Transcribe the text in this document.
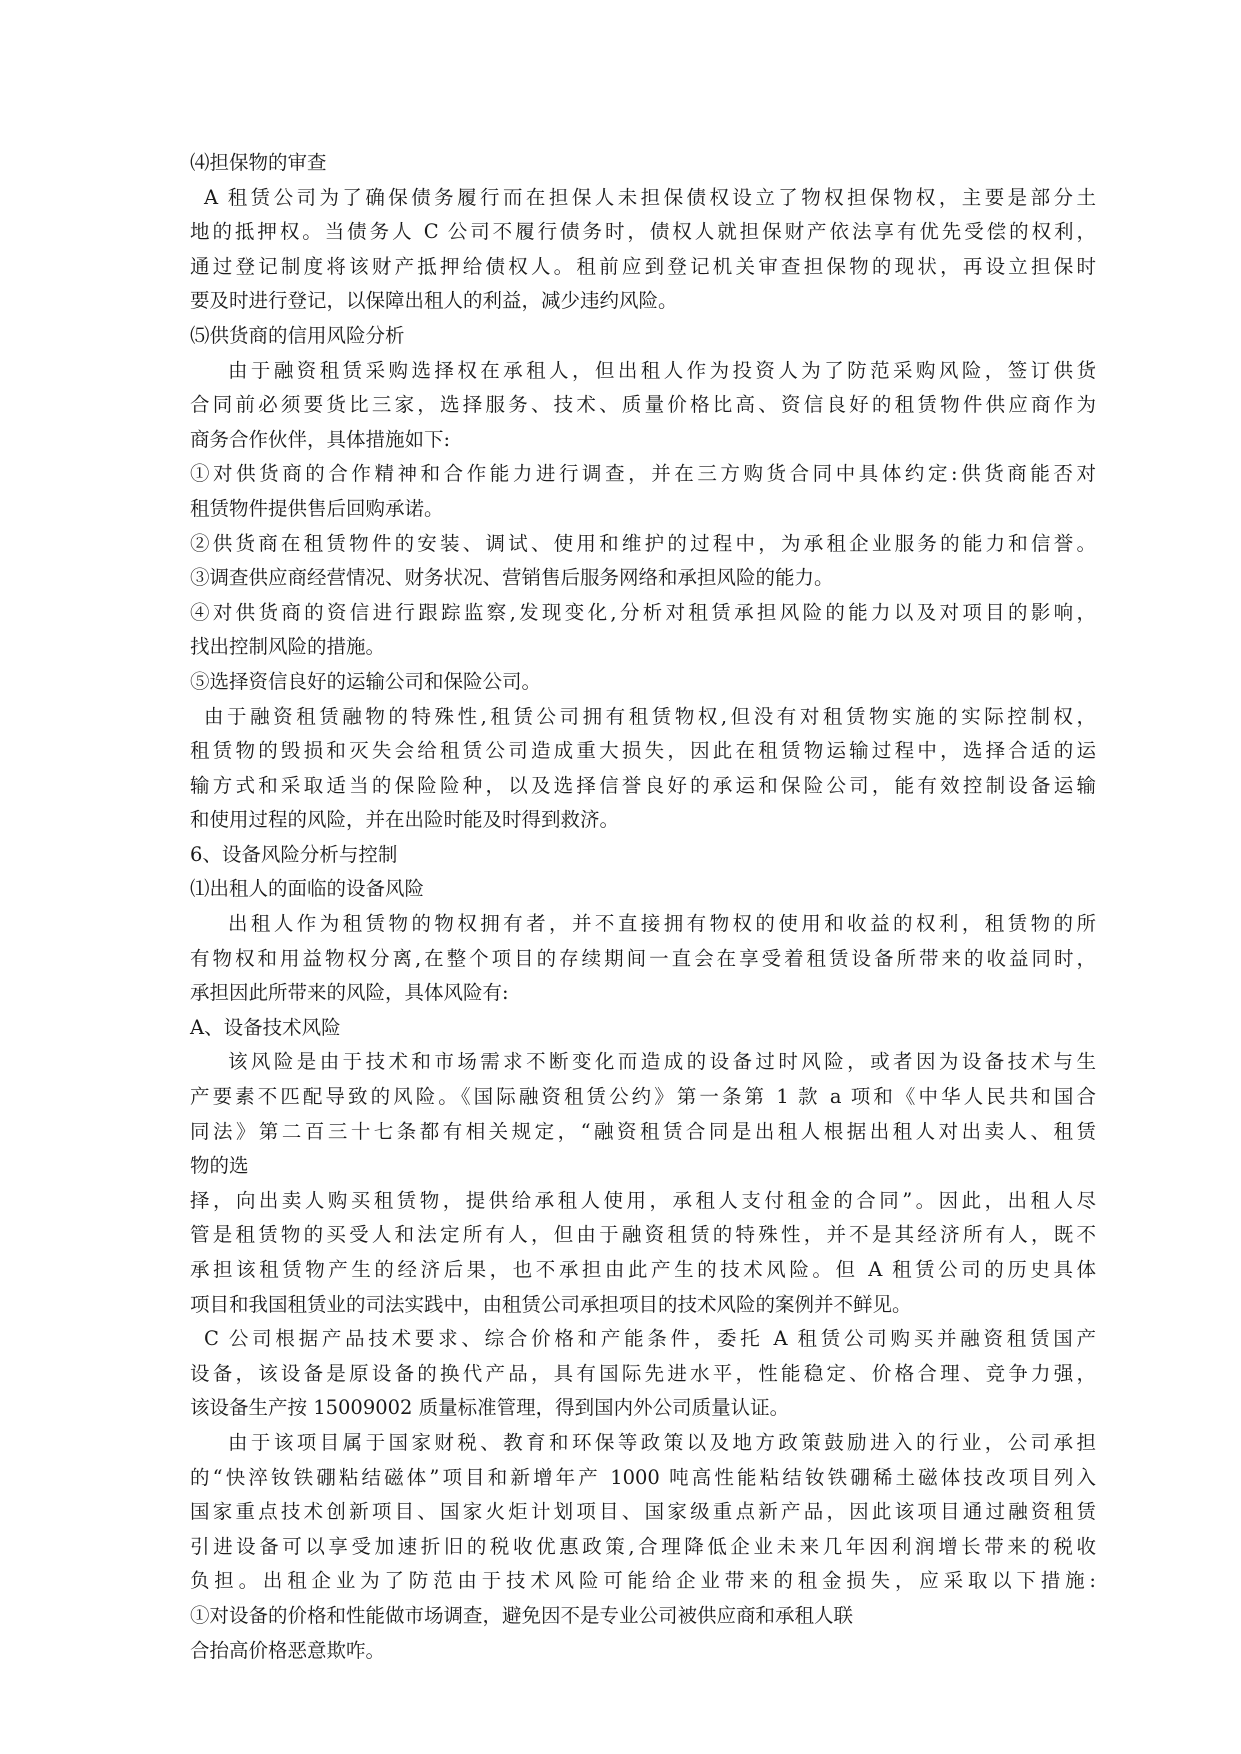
⑷担保物的审查
A 租赁公司为了确保债务履行而在担保人未担保债权设立了物权担保物权，主要是部分土
地的抵押权。当债务人 C 公司不履行债务时，债权人就担保财产依法享有优先受偿的权利，
通过登记制度将该财产抵押给债权人。租前应到登记机关审查担保物的现状，再设立担保时
要及时进行登记，以保障出租人的利益，减少违约风险。
⑸供货商的信用风险分析
由于融资租赁采购选择权在承租人，但出租人作为投资人为了防范采购风险，签订供货
合同前必须要货比三家，选择服务、技术、质量价格比高、资信良好的租赁物件供应商作为
商务合作伙伴，具体措施如下:
①对供货商的合作精神和合作能力进行调查，并在三方购货合同中具体约定:供货商能否对
租赁物件提供售后回购承诺。
②供货商在租赁物件的安装、调试、使用和维护的过程中，为承租企业服务的能力和信誉。
③调查供应商经营情况、财务状况、营销售后服务网络和承担风险的能力。
④对供货商的资信进行跟踪监察,发现变化,分析对租赁承担风险的能力以及对项目的影响，
找出控制风险的措施。
⑤选择资信良好的运输公司和保险公司。
由于融资租赁融物的特殊性,租赁公司拥有租赁物权,但没有对租赁物实施的实际控制权，
租赁物的毁损和灭失会给租赁公司造成重大损失，因此在租赁物运输过程中，选择合适的运
输方式和采取适当的保险险种，以及选择信誉良好的承运和保险公司，能有效控制设备运输
和使用过程的风险，并在出险时能及时得到救济。
6、设备风险分析与控制
⑴出租人的面临的设备风险
出租人作为租赁物的物权拥有者，并不直接拥有物权的使用和收益的权利，租赁物的所
有物权和用益物权分离,在整个项目的存续期间一直会在享受着租赁设备所带来的收益同时，
承担因此所带来的风险，具体风险有:
A、设备技术风险
该风险是由于技术和市场需求不断变化而造成的设备过时风险，或者因为设备技术与生
产要素不匹配导致的风险。《国际融资租赁公约》第一条第 1 款 a 项和《中华人民共和国合
同法》第二百三十七条都有相关规定，“融资租赁合同是出租人根据出租人对出卖人、租赁
物的选
择，向出卖人购买租赁物，提供给承租人使用，承租人支付租金的合同”。因此，出租人尽
管是租赁物的买受人和法定所有人，但由于融资租赁的特殊性，并不是其经济所有人，既不
承担该租赁物产生的经济后果，也不承担由此产生的技术风险。但 A 租赁公司的历史具体
项目和我国租赁业的司法实践中，由租赁公司承担项目的技术风险的案例并不鲜见。
C 公司根据产品技术要求、综合价格和产能条件，委托 A 租赁公司购买并融资租赁国产
设备，该设备是原设备的换代产品，具有国际先进水平，性能稳定、价格合理、竞争力强，
该设备生产按 15009002 质量标准管理，得到国内外公司质量认证。
由于该项目属于国家财税、教育和环保等政策以及地方政策鼓励进入的行业，公司承担
的“快淬钕铁硼粘结磁体”项目和新增年产 1000 吨高性能粘结钕铁硼稀土磁体技改项目列入
国家重点技术创新项目、国家火炬计划项目、国家级重点新产品，因此该项目通过融资租赁
引进设备可以享受加速折旧的税收优惠政策,合理降低企业未来几年因利润增长带来的税收
负担。出租企业为了防范由于技术风险可能给企业带来的租金损失，应采取以下措施:
①对设备的价格和性能做市场调查，避免因不是专业公司被供应商和承租人联
合抬高价格恶意欺咋。
